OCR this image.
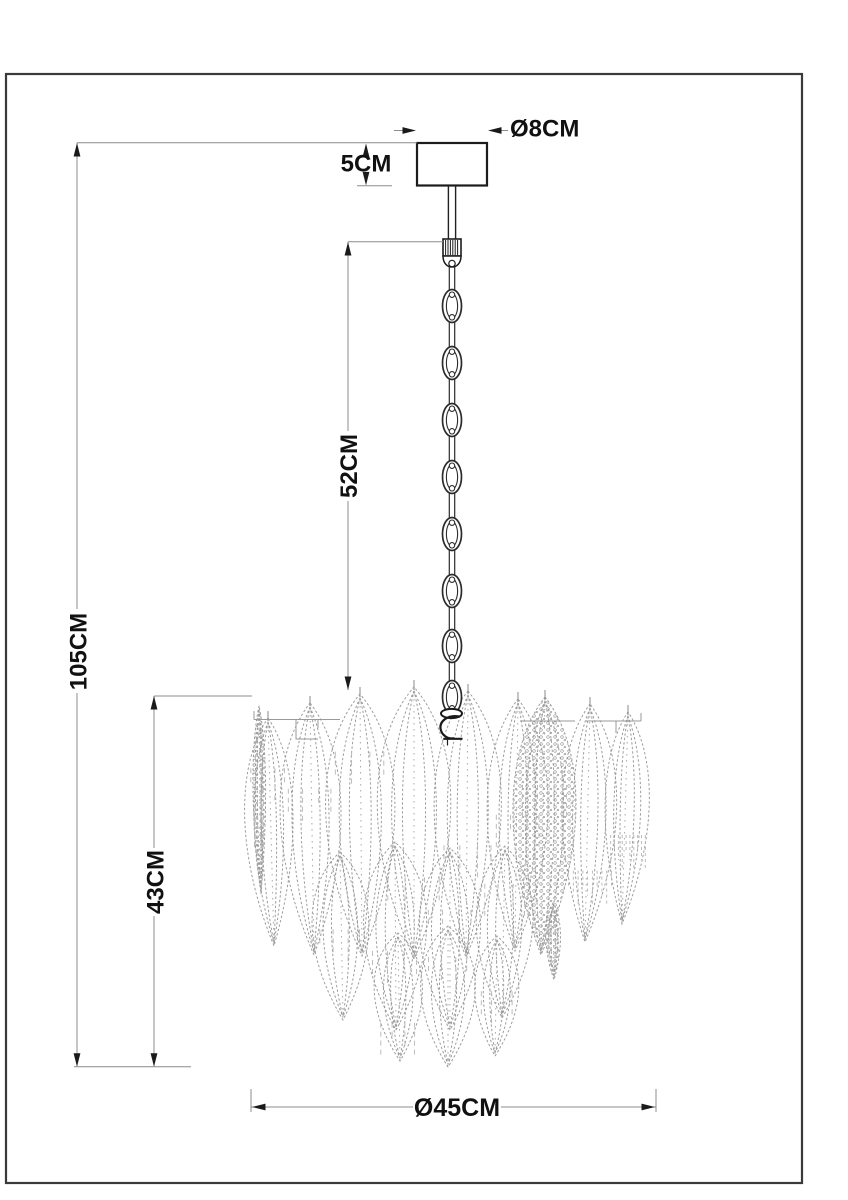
Ø8CM
5CM
52CM
105CM
43CM
Ø45CM
